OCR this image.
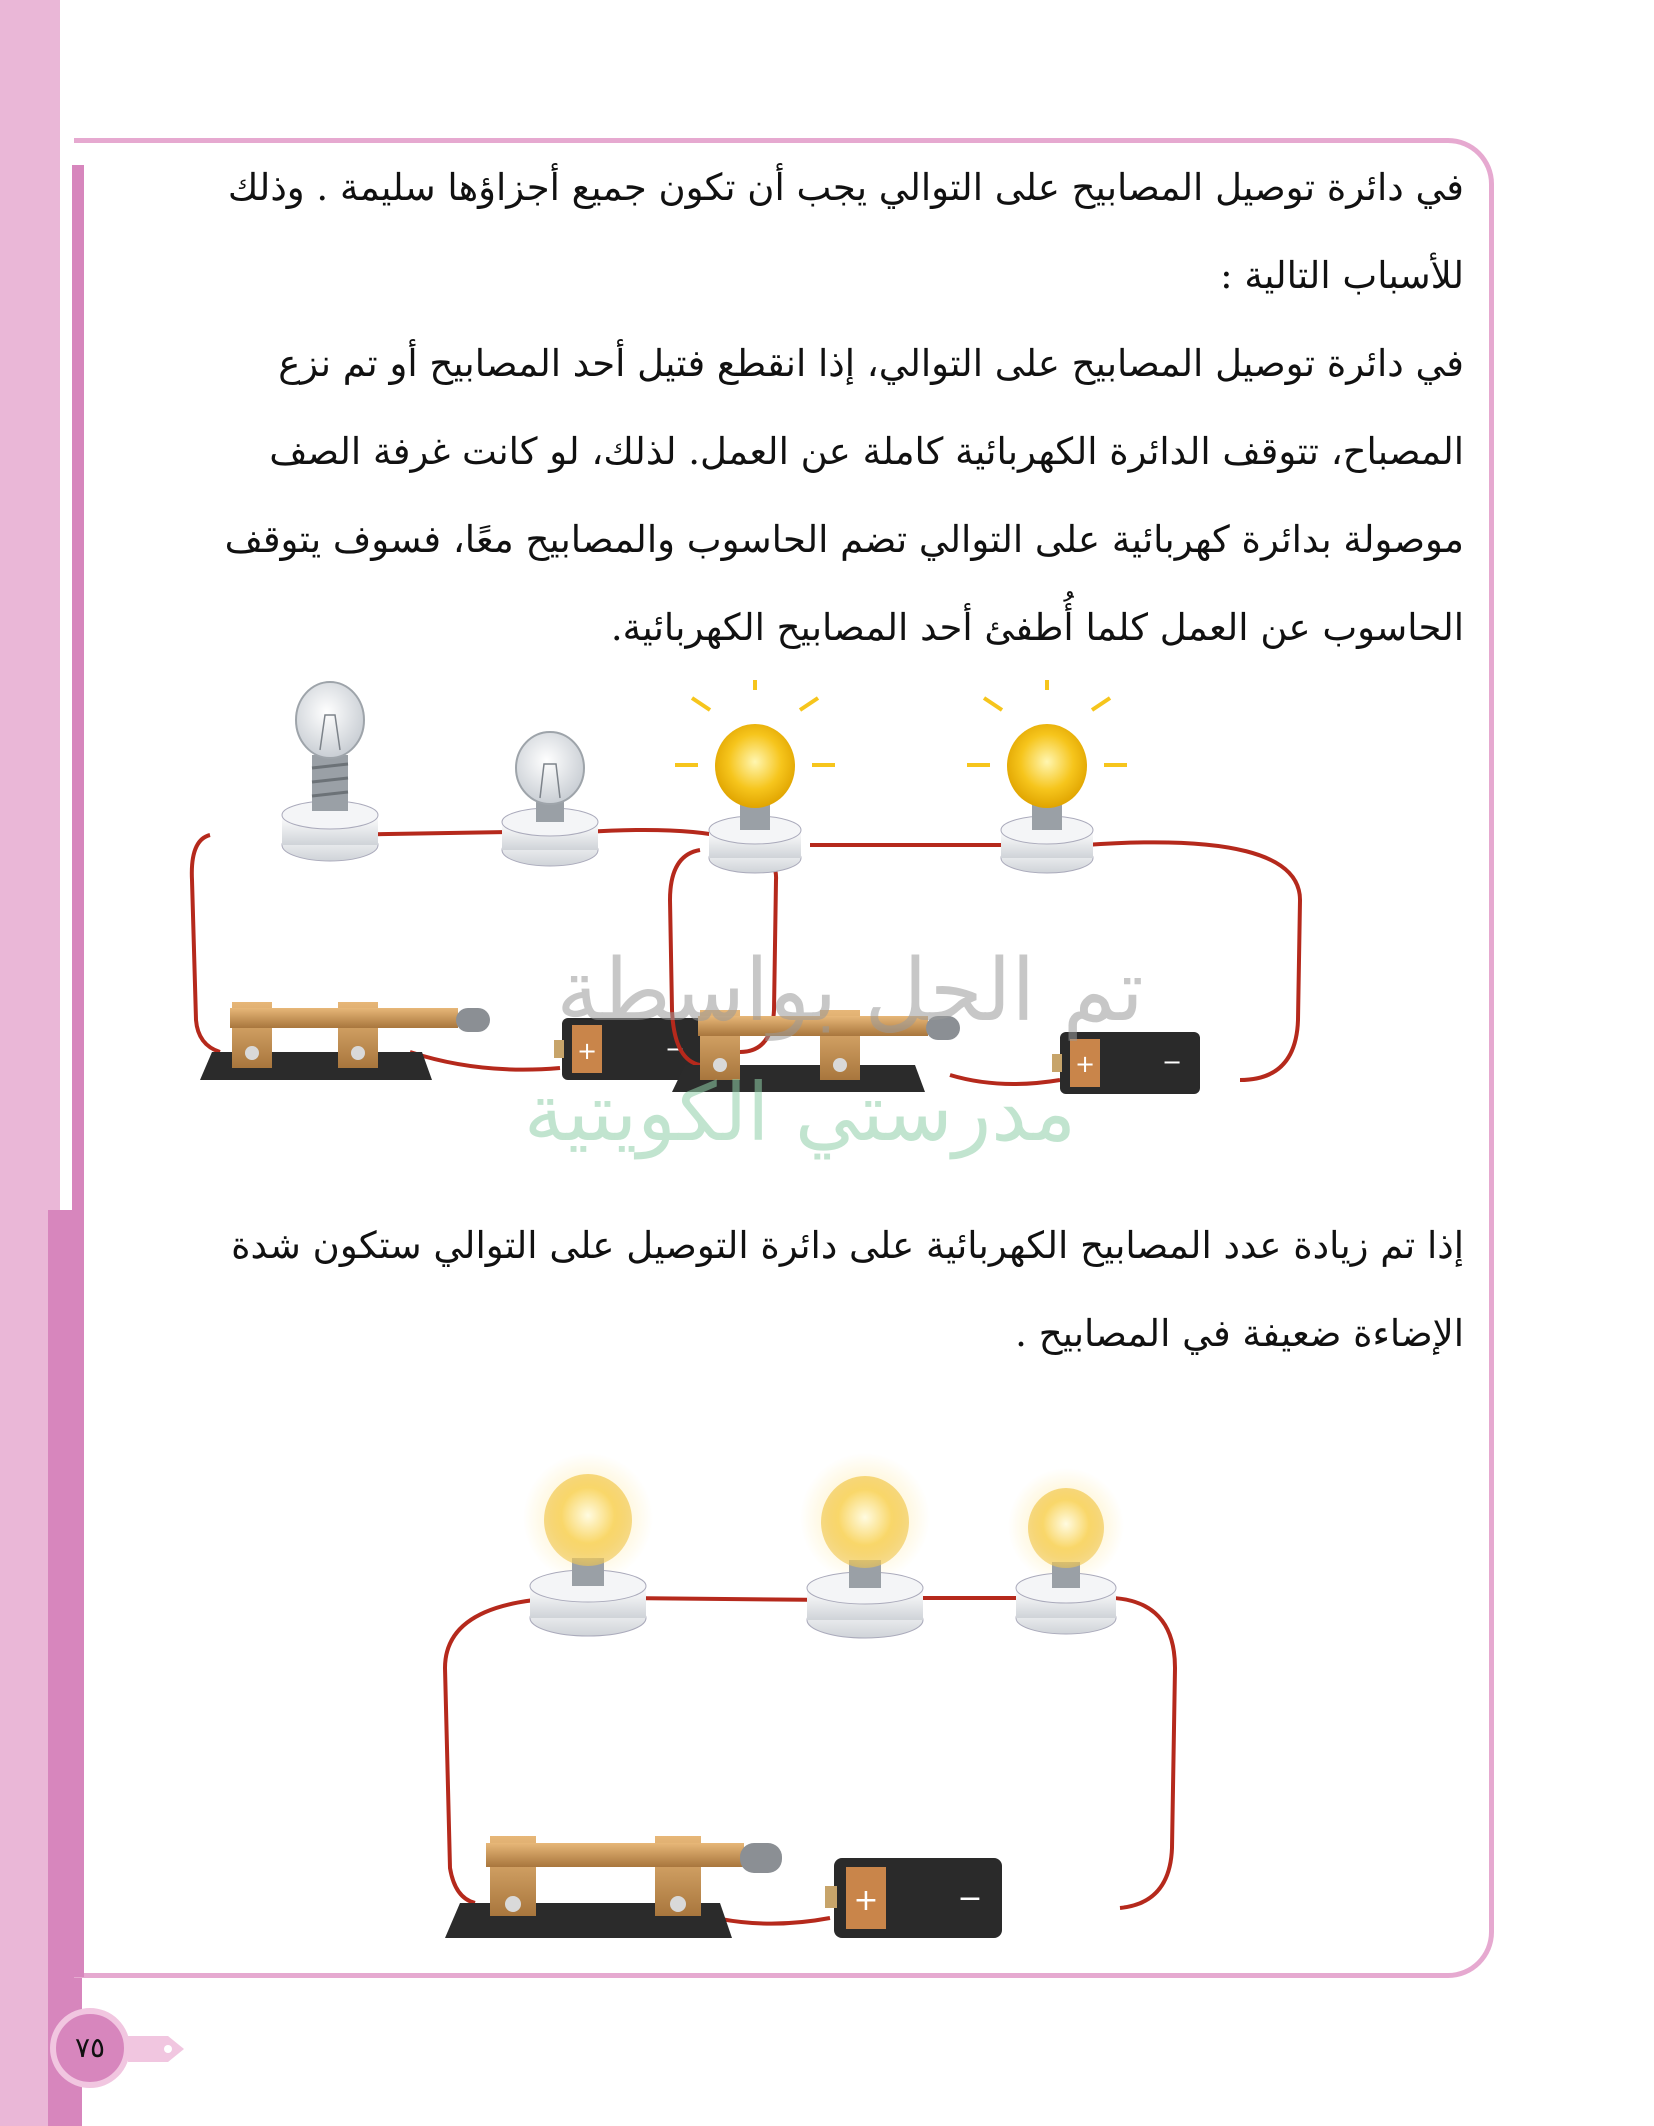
في دائرة توصيل المصابيح على التوالي يجب أن تكون جميع أجزاؤها سليمة . وذلك للأسباب التالية :

في دائرة توصيل المصابيح على التوالي، إذا انقطع فتيل أحد المصابيح أو تم نزع المصباح، تتوقف الدائرة الكهربائية كاملة عن العمل. لذلك، لو كانت غرفة الصف موصولة بدائرة كهربائية على التوالي تضم الحاسوب والمصابيح معًا، فسوف يتوقف الحاسوب عن العمل كلما أُطفئ أحد المصابيح الكهربائية.

+	−
+	−
تم الحل بواسطة
مدرستي الكويتية

إذا تم زيادة عدد المصابيح الكهربائية على دائرة التوصيل على التوالي ستكون شدة الإضاءة ضعيفة في المصابيح .

+	−
٧٥
